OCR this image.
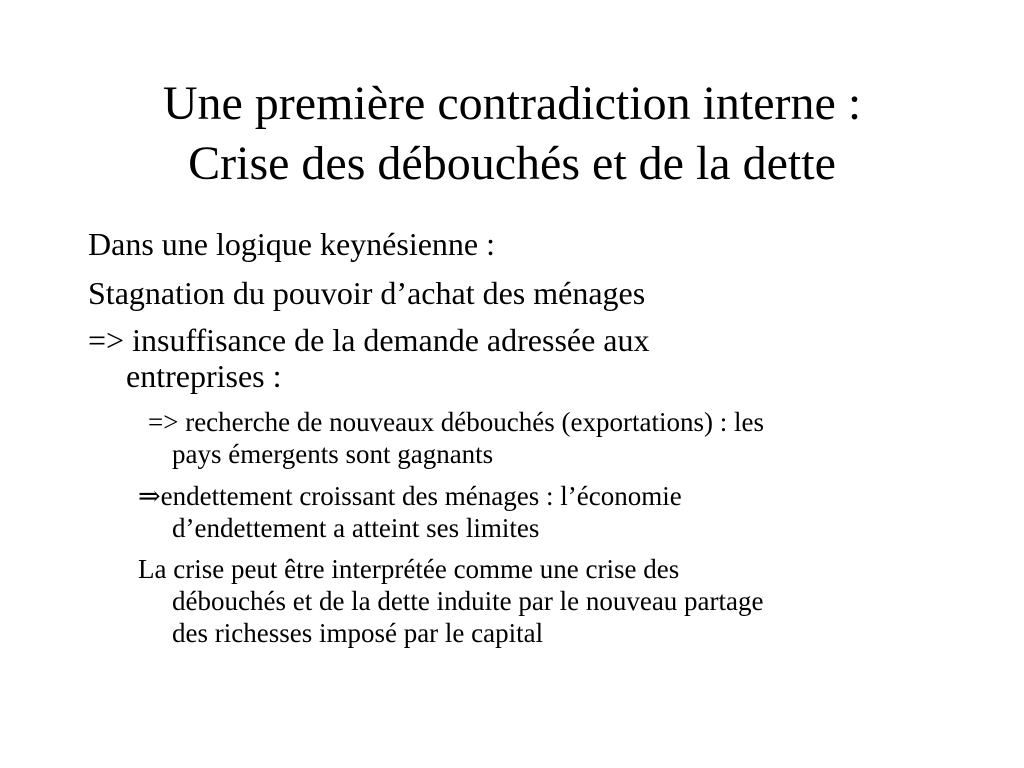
Une première contradiction interne :
Crise des débouchés et de la dette
Dans une logique keynésienne :
Stagnation du pouvoir d’achat des ménages
=> insuffisance de la demande adressée aux
entreprises :
=> recherche de nouveaux débouchés (exportations) : les
pays émergents sont gagnants
⇒endettement croissant des ménages : l’économie
d’endettement a atteint ses limites
La crise peut être interprétée comme une crise des
débouchés et de la dette induite par le nouveau partage
des richesses imposé par le capital
